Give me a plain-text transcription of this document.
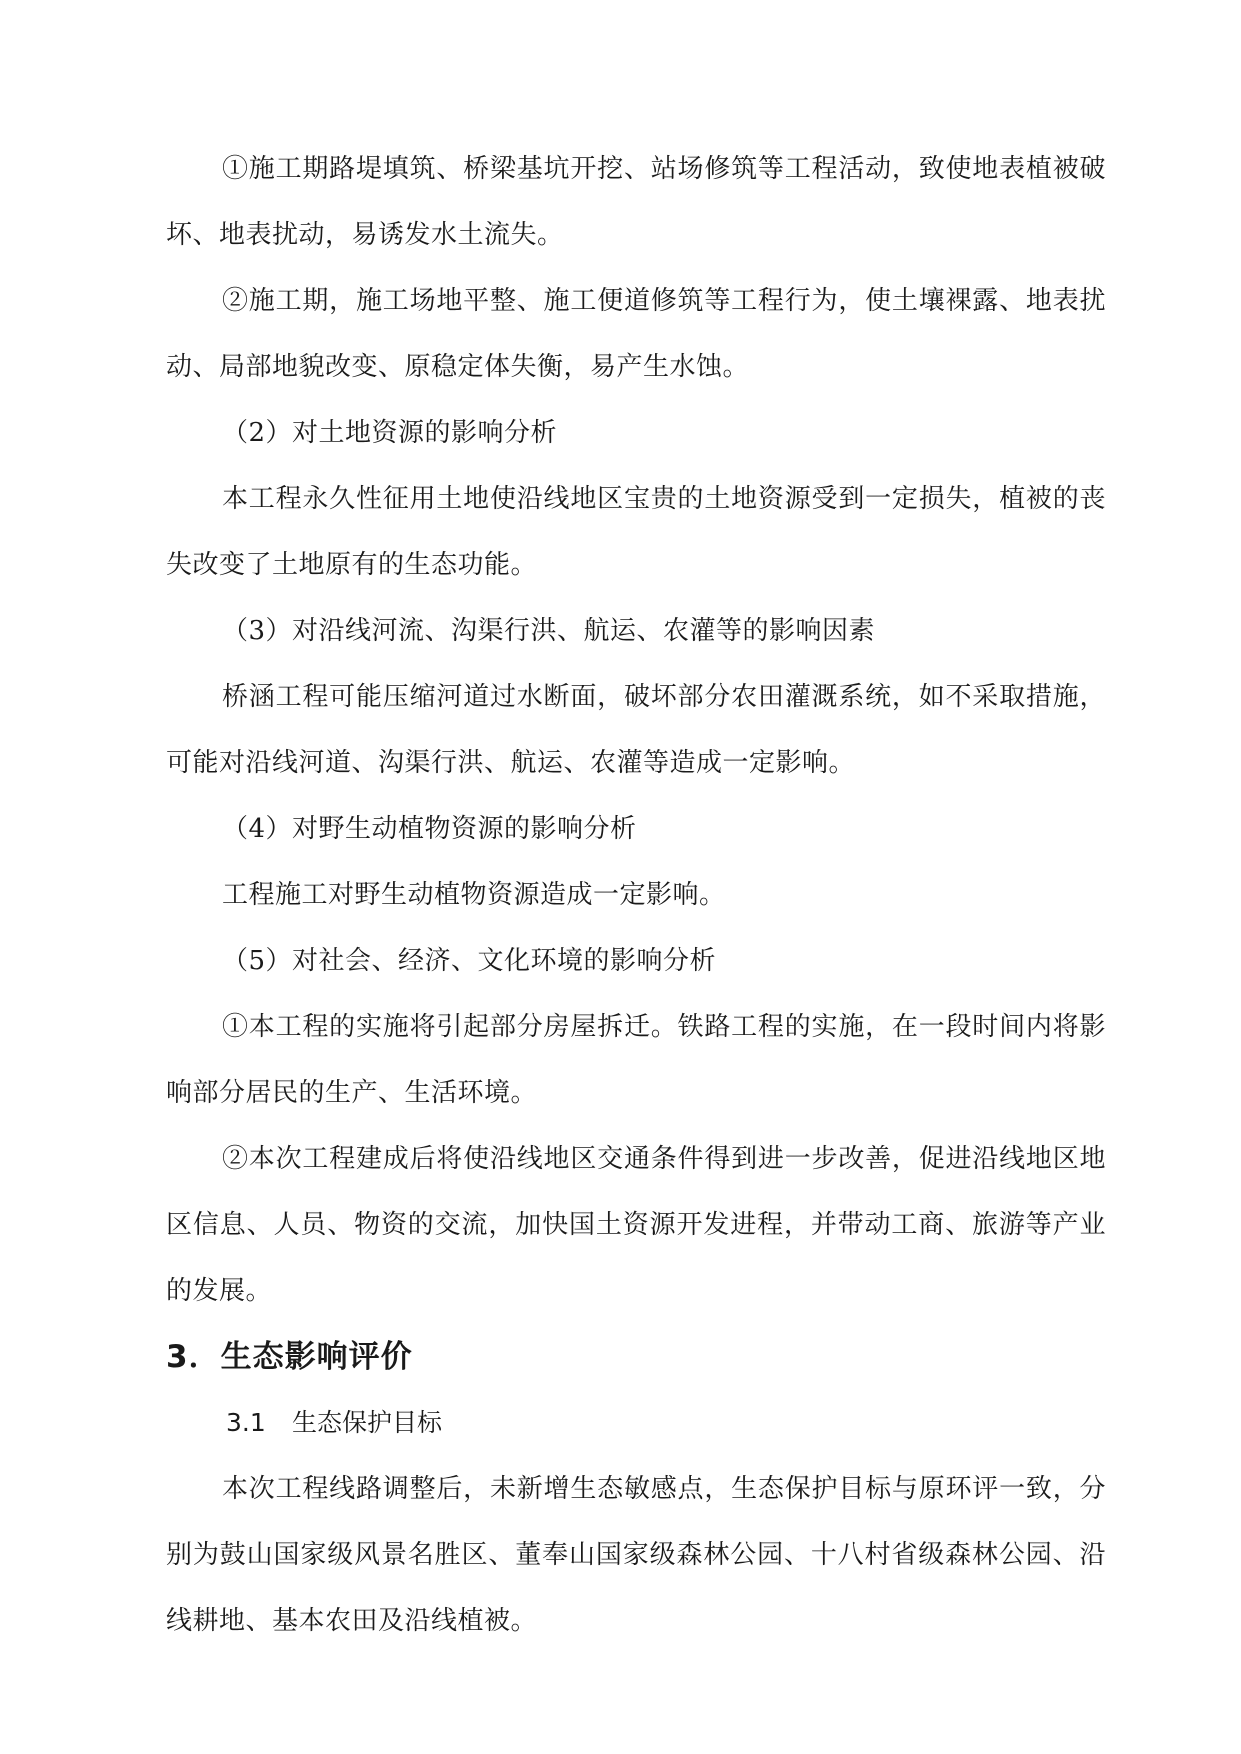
①施工期路堤填筑、桥梁基坑开挖、站场修筑等工程活动，致使地表植被破坏、地表扰动，易诱发水土流失。

②施工期，施工场地平整、施工便道修筑等工程行为，使土壤裸露、地表扰动、局部地貌改变、原稳定体失衡，易产生水蚀。

（2）对土地资源的影响分析

本工程永久性征用土地使沿线地区宝贵的土地资源受到一定损失，植被的丧失改变了土地原有的生态功能。

（3）对沿线河流、沟渠行洪、航运、农灌等的影响因素

桥涵工程可能压缩河道过水断面，破坏部分农田灌溉系统，如不采取措施，可能对沿线河道、沟渠行洪、航运、农灌等造成一定影响。

（4）对野生动植物资源的影响分析

工程施工对野生动植物资源造成一定影响。

（5）对社会、经济、文化环境的影响分析

①本工程的实施将引起部分房屋拆迁。铁路工程的实施，在一段时间内将影响部分居民的生产、生活环境。

②本次工程建成后将使沿线地区交通条件得到进一步改善，促进沿线地区地区信息、人员、物资的交流，加快国土资源开发进程，并带动工商、旅游等产业的发展。

3．生态影响评价

3.1 生态保护目标

本次工程线路调整后，未新增生态敏感点，生态保护目标与原环评一致，分别为鼓山国家级风景名胜区、董奉山国家级森林公园、十八村省级森林公园、沿线耕地、基本农田及沿线植被。
